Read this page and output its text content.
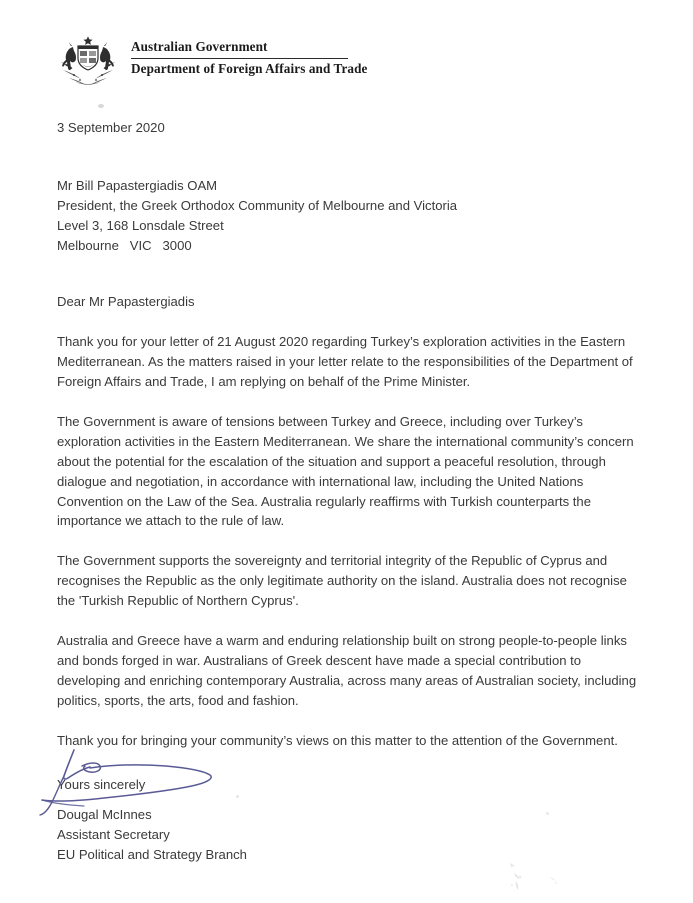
Australian Government
Department of Foreign Affairs and Trade
3 September 2020
Mr Bill Papastergiadis OAM
President, the Greek Orthodox Community of Melbourne and Victoria
Level 3, 168 Lonsdale Street
Melbourne   VIC   3000
Dear Mr Papastergiadis

Thank you for your letter of 21 August 2020 regarding Turkey’s exploration activities in the Eastern Mediterranean. As the matters raised in your letter relate to the responsibilities of the Department of Foreign Affairs and Trade, I am replying on behalf of the Prime Minister.

The Government is aware of tensions between Turkey and Greece, including over Turkey’s exploration activities in the Eastern Mediterranean. We share the international community’s concern about the potential for the escalation of the situation and support a peaceful resolution, through dialogue and negotiation, in accordance with international law, including the United Nations Convention on the Law of the Sea. Australia regularly reaffirms with Turkish counterparts the importance we attach to the rule of law.

The Government supports the sovereignty and territorial integrity of the Republic of Cyprus and recognises the Republic as the only legitimate authority on the island. Australia does not recognise the 'Turkish Republic of Northern Cyprus'.

Australia and Greece have a warm and enduring relationship built on strong people-to-people links and bonds forged in war. Australians of Greek descent have made a special contribution to developing and enriching contemporary Australia, across many areas of Australian society, including politics, sports, the arts, food and fashion.

Thank you for bringing your community’s views on this matter to the attention of the Government.

Yours sincerely
Dougal McInnes
Assistant Secretary
EU Political and Strategy Branch
